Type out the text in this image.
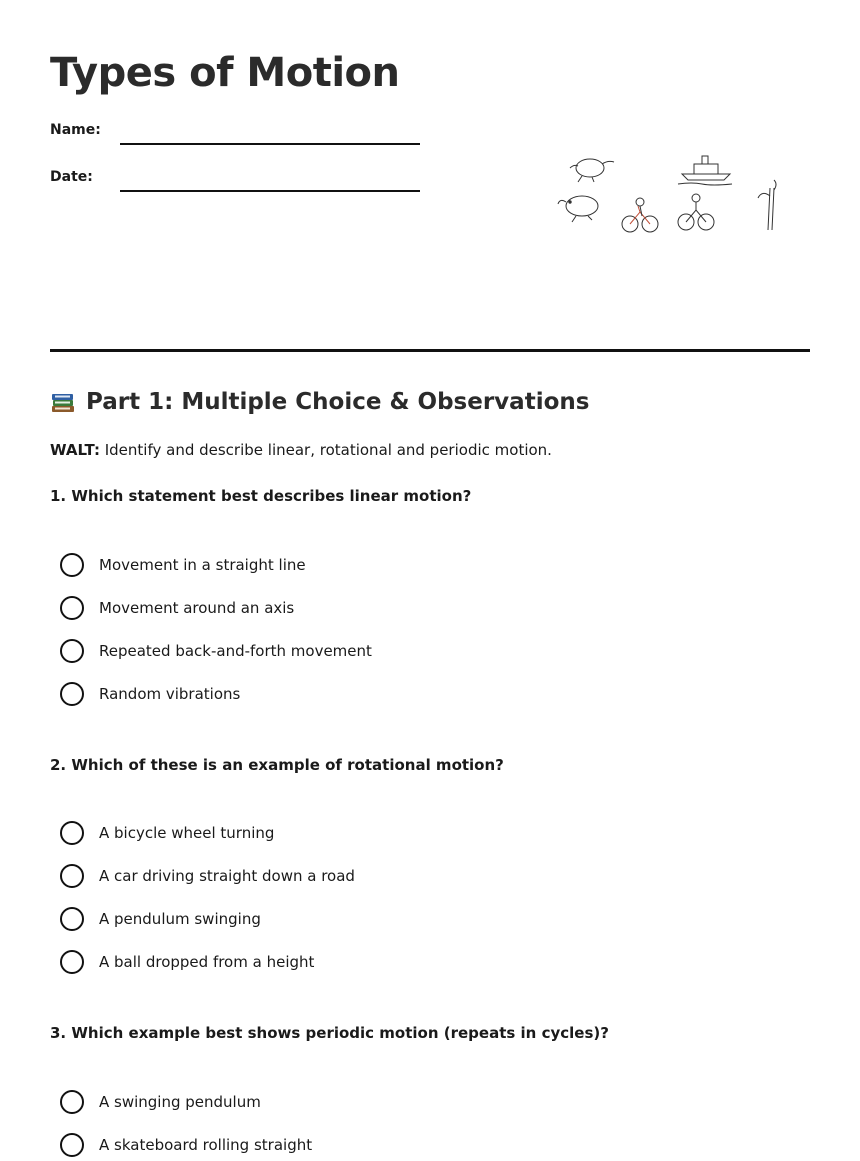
Types of Motion
Name:
Date:
Part 1: Multiple Choice & Observations
WALT: Identify and describe linear, rotational and periodic motion.
1. Which statement best describes linear motion?
Movement in a straight line
Movement around an axis
Repeated back-and-forth movement
Random vibrations
2. Which of these is an example of rotational motion?
A bicycle wheel turning
A car driving straight down a road
A pendulum swinging
A ball dropped from a height
3. Which example best shows periodic motion (repeats in cycles)?
A swinging pendulum
A skateboard rolling straight
